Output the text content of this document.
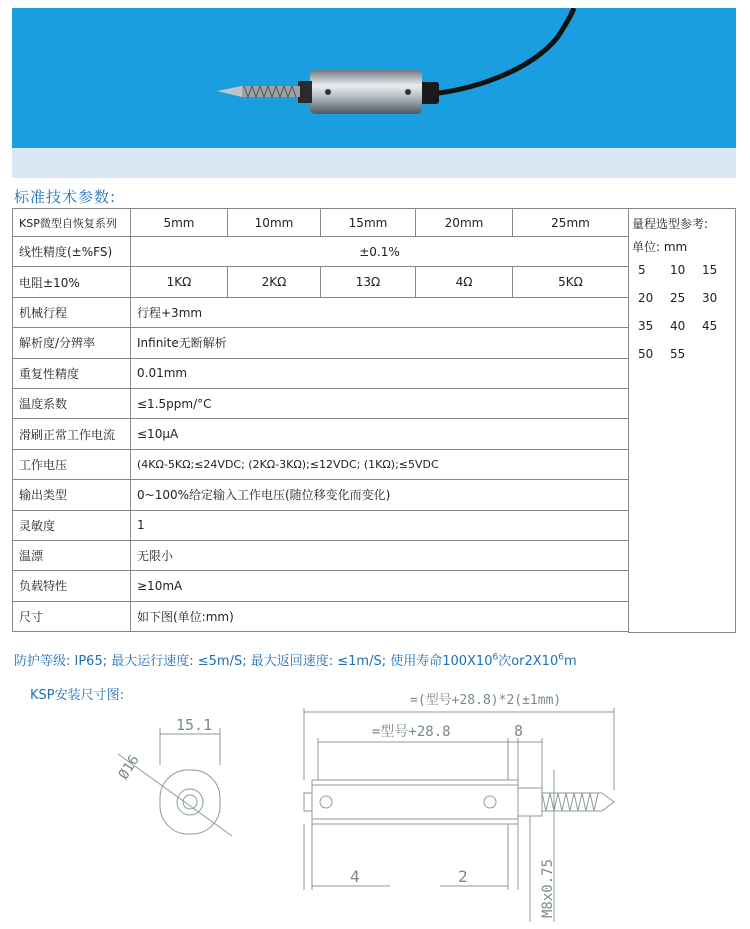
标准技术参数:
KSP微型自恢复系列	5mm	10mm	15mm	20mm	25mm
线性精度(±%FS)	±0.1%				
电阻±10%	1KΩ	2KΩ	13Ω	4Ω	5KΩ
机械行程	行程+3mm				
解析度/分辨率	Infinite无断解析				
重复性精度	0.01mm				
温度系数	≤1.5ppm/°C				
滑刷正常工作电流	≤10μA				
工作电压	(4KΩ-5KΩ;≤24VDC; (2KΩ-3KΩ);≤12VDC; (1KΩ);≤5VDC				
输出类型	0~100%给定输入工作电压(随位移变化而变化)				
灵敏度	1				
温漂	无限小				
负载特性	≥10mA				
尺寸	如下图(单位:mm)				
量程选型参考:
单位: mm
5	10	15
20	25	30
35	40	45
50	55
防护等级: IP65; 最大运行速度: ≤5m/S; 最大返回速度: ≤1m/S; 使用寿命$100X10^6$次$or2X10^6m$
KSP安装尺寸图:
15.1
Ø16
=(型号+28.8)*2(±1mm)
=型号+28.8	8
4	2	M8x0.75
